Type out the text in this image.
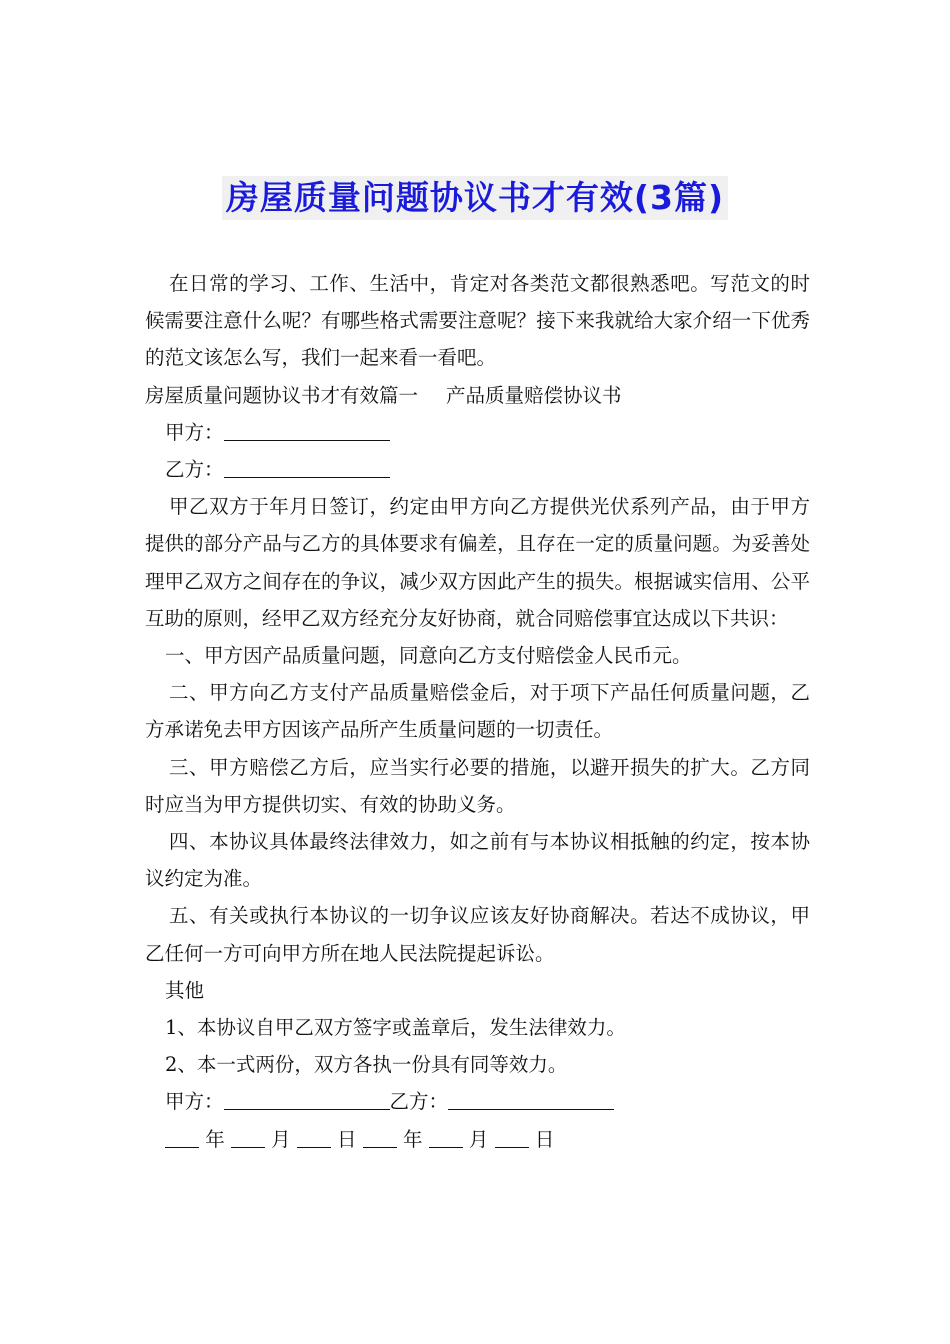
房屋质量问题协议书才有效(3篇)

在日常的学习、工作、生活中，肯定对各类范文都很熟悉吧。写范文的时候需要注意什么呢？有哪些格式需要注意呢？接下来我就给大家介绍一下优秀的范文该怎么写，我们一起来看一看吧。

房屋质量问题协议书才有效篇一 产品质量赔偿协议书

甲方：

乙方：

甲乙双方于年月日签订，约定由甲方向乙方提供光伏系列产品，由于甲方提供的部分产品与乙方的具体要求有偏差，且存在一定的质量问题。为妥善处理甲乙双方之间存在的争议，减少双方因此产生的损失。根据诚实信用、公平互助的原则，经甲乙双方经充分友好协商，就合同赔偿事宜达成以下共识：

一、甲方因产品质量问题，同意向乙方支付赔偿金人民币元。

二、甲方向乙方支付产品质量赔偿金后，对于项下产品任何质量问题，乙方承诺免去甲方因该产品所产生质量问题的一切责任。

三、甲方赔偿乙方后，应当实行必要的措施，以避开损失的扩大。乙方同时应当为甲方提供切实、有效的协助义务。

四、本协议具体最终法律效力，如之前有与本协议相抵触的约定，按本协议约定为准。

五、有关或执行本协议的一切争议应该友好协商解决。若达不成协议，甲乙任何一方可向甲方所在地人民法院提起诉讼。

其他

1、本协议自甲乙双方签字或盖章后，发生法律效力。

2、本一式两份，双方各执一份具有同等效力。

甲方：	乙方：

年 月 日 年 月 日
